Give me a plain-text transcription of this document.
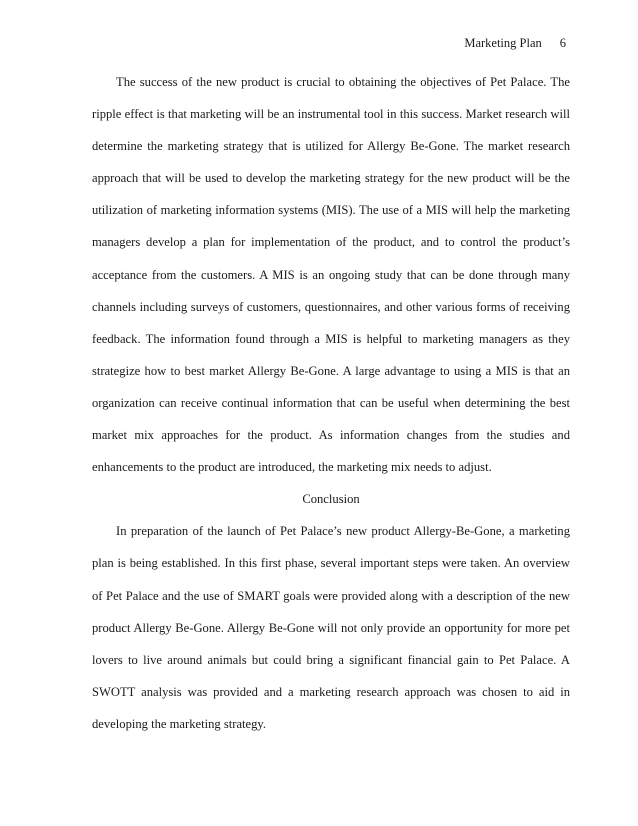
Marketing Plan 6

The success of the new product is crucial to obtaining the objectives of Pet Palace. The ripple effect is that marketing will be an instrumental tool in this success. Market research will determine the marketing strategy that is utilized for Allergy Be-Gone. The market research approach that will be used to develop the marketing strategy for the new product will be the utilization of marketing information systems (MIS). The use of a MIS will help the marketing managers develop a plan for implementation of the product, and to control the product’s acceptance from the customers. A MIS is an ongoing study that can be done through many channels including surveys of customers, questionnaires, and other various forms of receiving feedback. The information found through a MIS is helpful to marketing managers as they strategize how to best market Allergy Be-Gone. A large advantage to using a MIS is that an organization can receive continual information that can be useful when determining the best market mix approaches for the product. As information changes from the studies and enhancements to the product are introduced, the marketing mix needs to adjust.

Conclusion

In preparation of the launch of Pet Palace’s new product Allergy-Be-Gone, a marketing plan is being established. In this first phase, several important steps were taken. An overview of Pet Palace and the use of SMART goals were provided along with a description of the new product Allergy Be-Gone. Allergy Be-Gone will not only provide an opportunity for more pet lovers to live around animals but could bring a significant financial gain to Pet Palace. A SWOTT analysis was provided and a marketing research approach was chosen to aid in developing the marketing strategy.
